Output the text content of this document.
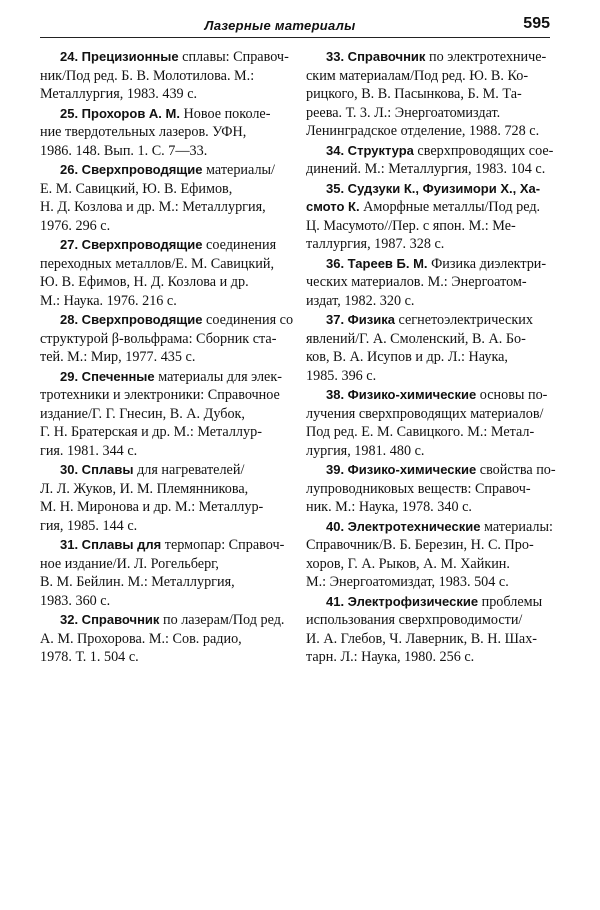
Лазерные материалы	595
24. Прецизионные сплавы: Справоч-
ник/Под ред. Б. В. Молотилова. М.:
Металлургия, 1983. 439 с.
25. Прохоров А. М. Новое поколе-
ние твердотельных лазеров. УФН,
1986. 148. Вып. 1. С. 7—33.
26. Сверхпроводящие материалы/
Е. М. Савицкий, Ю. В. Ефимов,
Н. Д. Козлова и др. М.: Металлургия,
1976. 296 с.
27. Сверхпроводящие соединения
переходных металлов/Е. М. Савицкий,
Ю. В. Ефимов, Н. Д. Козлова и др.
М.: Наука. 1976. 216 с.
28. Сверхпроводящие соединения со
структурой β-вольфрама: Сборник ста-
тей. М.: Мир, 1977. 435 с.
29. Спеченные материалы для элек-
тротехники и электроники: Справочное
издание/Г. Г. Гнесин, В. А. Дубок,
Г. Н. Братерская и др. М.: Металлур-
гия. 1981. 344 с.
30. Сплавы для нагревателей/
Л. Л. Жуков, И. М. Племянникова,
М. Н. Миронова и др. М.: Металлур-
гия, 1985. 144 с.
31. Сплавы для термопар: Справоч-
ное издание/И. Л. Рогельберг,
В. М. Бейлин. М.: Металлургия,
1983. 360 с.
32. Справочник по лазерам/Под ред.
А. М. Прохорова. М.: Сов. радио,
1978. Т. 1. 504 с.
33. Справочник по электротехниче-
ским материалам/Под ред. Ю. В. Ко-
рицкого, В. В. Пасынкова, Б. М. Та-
реева. Т. 3. Л.: Энергоатомиздат.
Ленинградское отделение, 1988. 728 с.
34. Структура сверхпроводящих сое-
динений. М.: Металлургия, 1983. 104 с.
35. Судзуки К., Фуизимори Х., Ха-
смото К. Аморфные металлы/Под ред.
Ц. Масумото//Пер. с япон. М.: Ме-
таллургия, 1987. 328 с.
36. Тареев Б. М. Физика диэлектри-
ческих материалов. М.: Энергоатом-
издат, 1982. 320 с.
37. Физика сегнетоэлектрических
явлений/Г. А. Смоленский, В. А. Бо-
ков, В. А. Исупов и др. Л.: Наука,
1985. 396 с.
38. Физико-химические основы по-
лучения сверхпроводящих материалов/
Под ред. Е. М. Савицкого. М.: Метал-
лургия, 1981. 480 с.
39. Физико-химические свойства по-
лупроводниковых веществ: Справоч-
ник. М.: Наука, 1978. 340 с.
40. Электротехнические материалы:
Справочник/В. Б. Березин, Н. С. Про-
хоров, Г. А. Рыков, А. М. Хайкин.
М.: Энергоатомиздат, 1983. 504 с.
41. Электрофизические проблемы
использования сверхпроводимости/
И. А. Глебов, Ч. Лаверник, В. Н. Шах-
тарн. Л.: Наука, 1980. 256 с.
